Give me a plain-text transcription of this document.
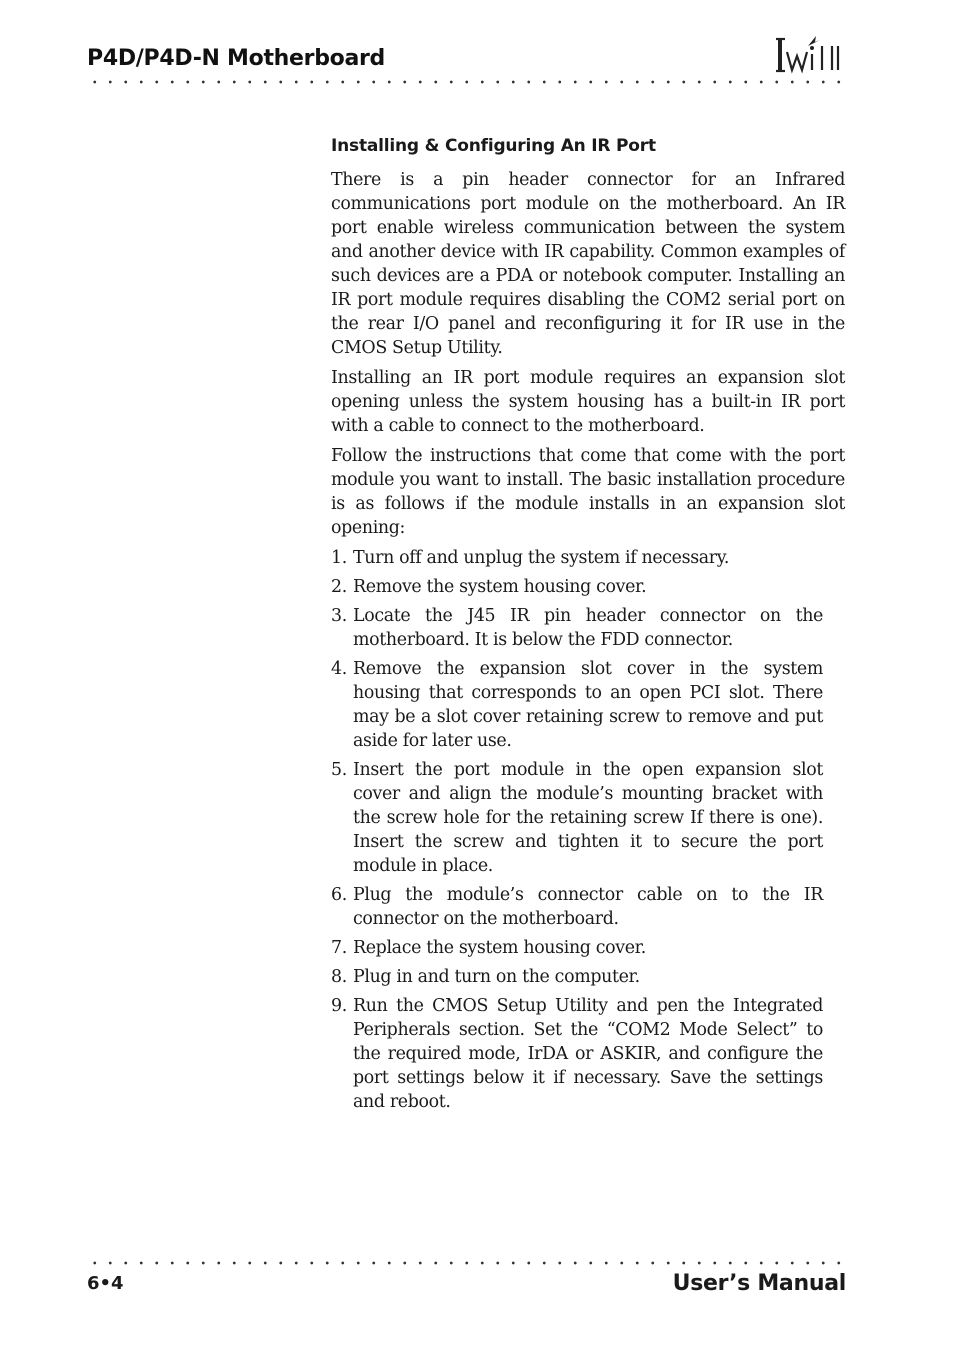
P4D/P4D-N Motherboard
Installing & Configuring An IR Port

There is a pin header connector for an Infrared communications port module on the motherboard. An IR port enable wireless communication between the system and another device with IR capability. Common examples of such devices are a PDA or notebook computer. Installing an IR port module requires disabling the COM2 serial port on the rear I/O panel and reconfiguring it for IR use in the CMOS Setup Utility.

Installing an IR port module requires an expansion slot opening unless the system housing has a built-in IR port with a cable to connect to the motherboard.

Follow the instructions that come that come with the port module you want to install. The basic installation procedure is as follows if the module installs in an expansion slot opening:

1. Turn off and unplug the system if necessary.
2. Remove the system housing cover.
3. Locate the J45 IR pin header connector on the motherboard. It is below the FDD connector.
4. Remove the expansion slot cover in the system housing that corresponds to an open PCI slot. There may be a slot cover retaining screw to remove and put aside for later use.
5. Insert the port module in the open expansion slot cover and align the module’s mounting bracket with the screw hole for the retaining screw If there is one). Insert the screw and tighten it to secure the port module in place.
6. Plug the module’s connector cable on to the IR connector on the motherboard.
7. Replace the system housing cover.
8. Plug in and turn on the computer.
9. Run the CMOS Setup Utility and pen the Integrated Peripherals section. Set the “COM2 Mode Select” to the required mode, IrDA or ASKIR, and configure the port settings below it if necessary. Save the settings and reboot.
6•4	User’s Manual
